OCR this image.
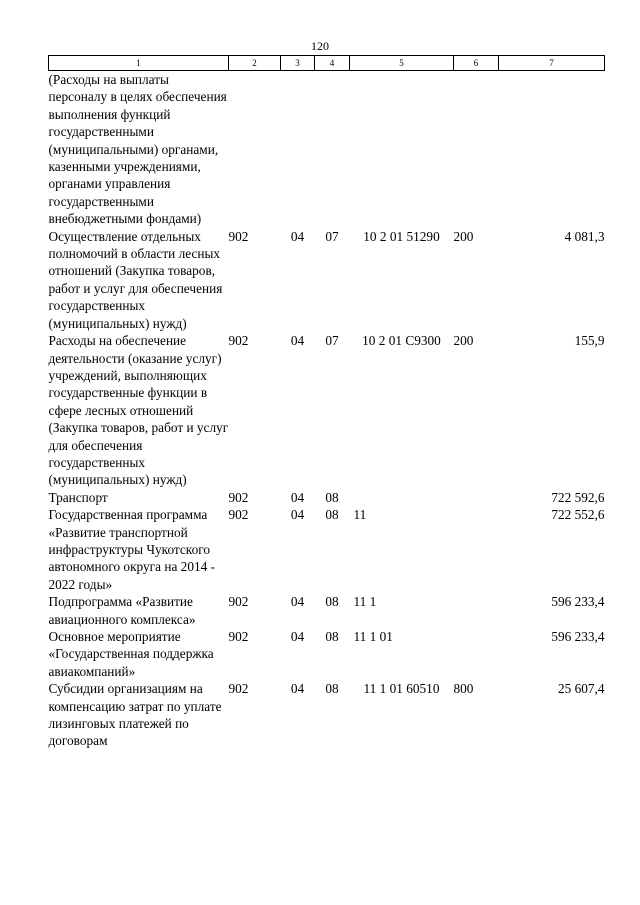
120
1	2	3	4	5	6	7
(Расходы на выплаты персоналу в целях обеспечения выполнения функций государственными (муниципальными) органами, казенными учреждениями, органами управления государственными внебюджетными фондами)						
Осуществление отдельных полномочий в области лесных отношений (Закупка товаров, работ и услуг для обеспечения государственных (муниципальных) нужд)	902	04	07	10 2 01 51290	200	4 081,3
Расходы на обеспечение деятельности (оказание услуг) учреждений, выполняющих государственные функции в сфере лесных отношений (Закупка товаров, работ и услуг для обеспечения государственных (муниципальных) нужд)	902	04	07	10 2 01 C9300	200	155,9
Транспорт	902	04	08			722 592,6
Государственная программа «Развитие транспортной инфраструктуры Чукотского автономного округа на 2014 - 2022 годы»	902	04	08	11		722 552,6
Подпрограмма «Развитие авиационного комплекса»	902	04	08	11 1		596 233,4
Основное мероприятие «Государственная поддержка авиакомпаний»	902	04	08	11 1 01		596 233,4
Субсидии организациям на компенсацию затрат по уплате лизинговых платежей по договорам	902	04	08	11 1 01 60510	800	25 607,4
